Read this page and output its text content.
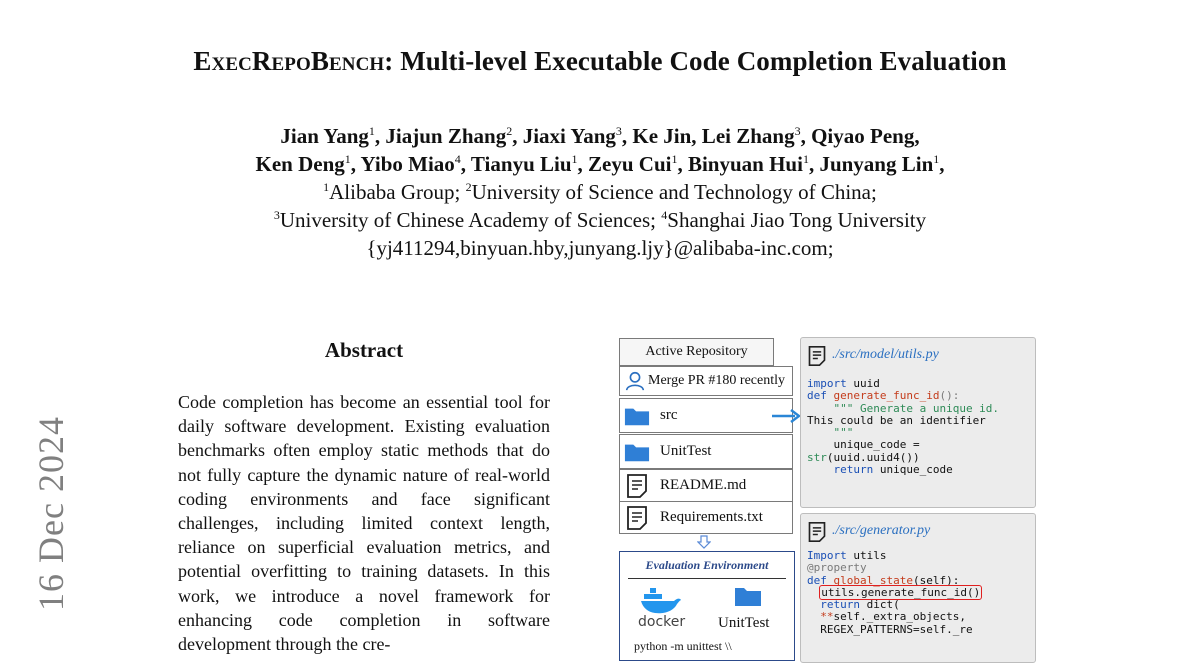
ExecRepoBench: Multi-level Executable Code Completion Evaluation
Jian Yang$^1$, Jiajun Zhang$^2$, Jiaxi Yang$^3$, Ke Jin, Lei Zhang$^3$, Qiyao Peng,
Ken Deng$^1$, Yibo Miao$^4$, Tianyu Liu$^1$, Zeyu Cui$^1$, Binyuan Hui$^1$, Junyang Lin$^1$,
$^1$Alibaba Group; $^2$University of Science and Technology of China;
$^3$University of Chinese Academy of Sciences; $^4$Shanghai Jiao Tong University
{yj411294,binyuan.hby,junyang.ljy}@alibaba-inc.com;
16 Dec 2024
Abstract
Code completion has become an essential tool for daily software development. Existing evaluation benchmarks often employ static methods that do not fully capture the dynamic nature of real-world coding environments and face significant challenges, including limited context length, reliance on superficial evaluation metrics, and potential overfitting to training datasets. In this work, we introduce a novel framework for enhancing code completion in software development through the cre-
Active Repository
Merge PR #180 recently
src
UnitTest
README.md
Requirements.txt
Evaluation Environment
docker UnitTest
python -m unittest \\
./src/model/utils.py
import uuid
def generate_func_id():
""" Generate a unique id.
This could be an identifier
"""
unique_code =
str(uuid.uuid4())
return unique_code
./src/generator.py
Import utils
@property
def global_state(self):
utils.generate_func_id()
return dict(
**self._extra_objects,
REGEX_PATTERNS=self._re
